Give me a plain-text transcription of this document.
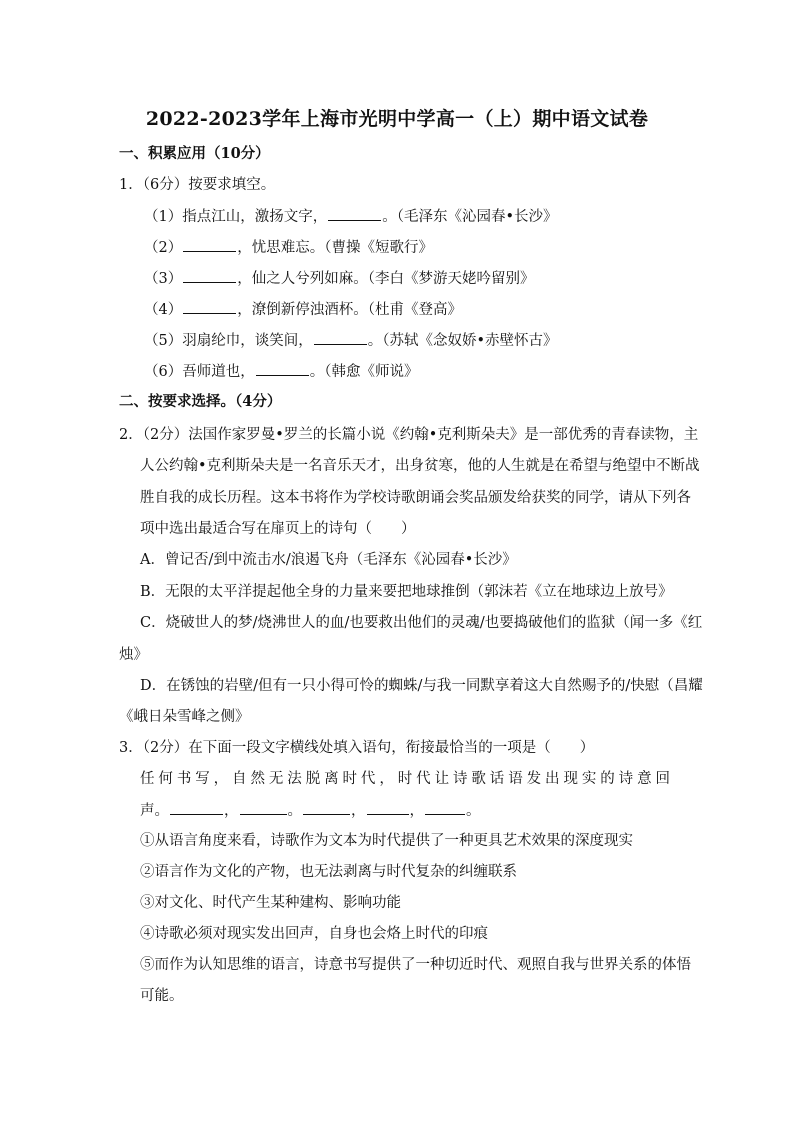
2022-2023学年上海市光明中学高一（上）期中语文试卷
一、积累应用（10分）
1．（6分）按要求填空。
（1）指点江山，激扬文字，	。（毛泽东《沁园春•长沙》
（2）	，忧思难忘。（曹操《短歌行》
（3）	，仙之人兮列如麻。（李白《梦游天姥吟留别》
（4）	，潦倒新停浊酒杯。（杜甫《登高》
（5）羽扇纶巾，谈笑间，	。（苏轼《念奴娇•赤壁怀古》
（6）吾师道也，	。（韩愈《师说》
二、按要求选择。（4分）
2．（2分）法国作家罗曼•罗兰的长篇小说《约翰•克利斯朵夫》是一部优秀的青春读物，主
人公约翰•克利斯朵夫是一名音乐天才，出身贫寒，他的人生就是在希望与绝望中不断战
胜自我的成长历程。这本书将作为学校诗歌朗诵会奖品颁发给获奖的同学，请从下列各
项中选出最适合写在扉页上的诗句（　　）
A．曾记否/到中流击水/浪遏飞舟（毛泽东《沁园春•长沙》
B．无限的太平洋提起他全身的力量来要把地球推倒（郭沫若《立在地球边上放号》
C．烧破世人的梦/烧沸世人的血/也要救出他们的灵魂/也要捣破他们的监狱（闻一多《红
烛》
D．在锈蚀的岩壁/但有一只小得可怜的蜘蛛/与我一同默享着这大自然赐予的/快慰（昌耀
《峨日朵雪峰之侧》
3．（2分）在下面一段文字横线处填入语句，衔接最恰当的一项是（　　）
任何书写，自然无法脱离时代，时代让诗歌话语发出现实的诗意回
声。	，	。	，	，	。
①从语言角度来看，诗歌作为文本为时代提供了一种更具艺术效果的深度现实
②语言作为文化的产物，也无法剥离与时代复杂的纠缠联系
③对文化、时代产生某种建构、影响功能
④诗歌必须对现实发出回声，自身也会烙上时代的印痕
⑤而作为认知思维的语言，诗意书写提供了一种切近时代、观照自我与世界关系的体悟
可能。
